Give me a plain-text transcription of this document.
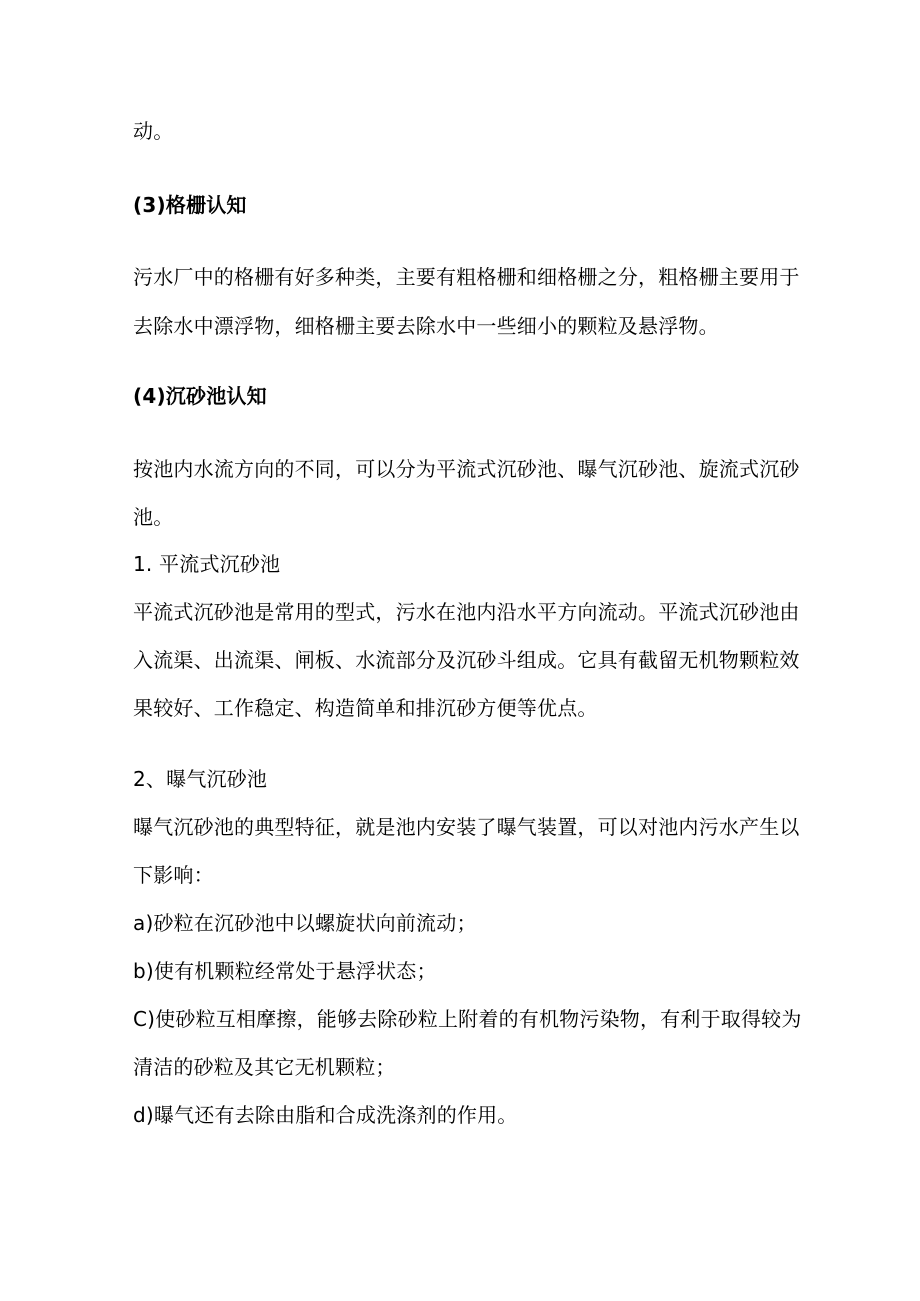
动。
(3)格栅认知
污水厂中的格栅有好多种类，主要有粗格栅和细格栅之分，粗格栅主要用于
去除水中漂浮物，细格栅主要去除水中一些细小的颗粒及悬浮物。
(4)沉砂池认知
按池内水流方向的不同，可以分为平流式沉砂池、曝气沉砂池、旋流式沉砂
池。
1. 平流式沉砂池
平流式沉砂池是常用的型式，污水在池内沿水平方向流动。平流式沉砂池由
入流渠、出流渠、闸板、水流部分及沉砂斗组成。它具有截留无机物颗粒效
果较好、工作稳定、构造简单和排沉砂方便等优点。
2、曝气沉砂池
曝气沉砂池的典型特征，就是池内安装了曝气装置，可以对池内污水产生以
下影响：
a)砂粒在沉砂池中以螺旋状向前流动；
b)使有机颗粒经常处于悬浮状态；
C)使砂粒互相摩擦，能够去除砂粒上附着的有机物污染物，有利于取得较为
清洁的砂粒及其它无机颗粒；
d)曝气还有去除由脂和合成洗涤剂的作用。
